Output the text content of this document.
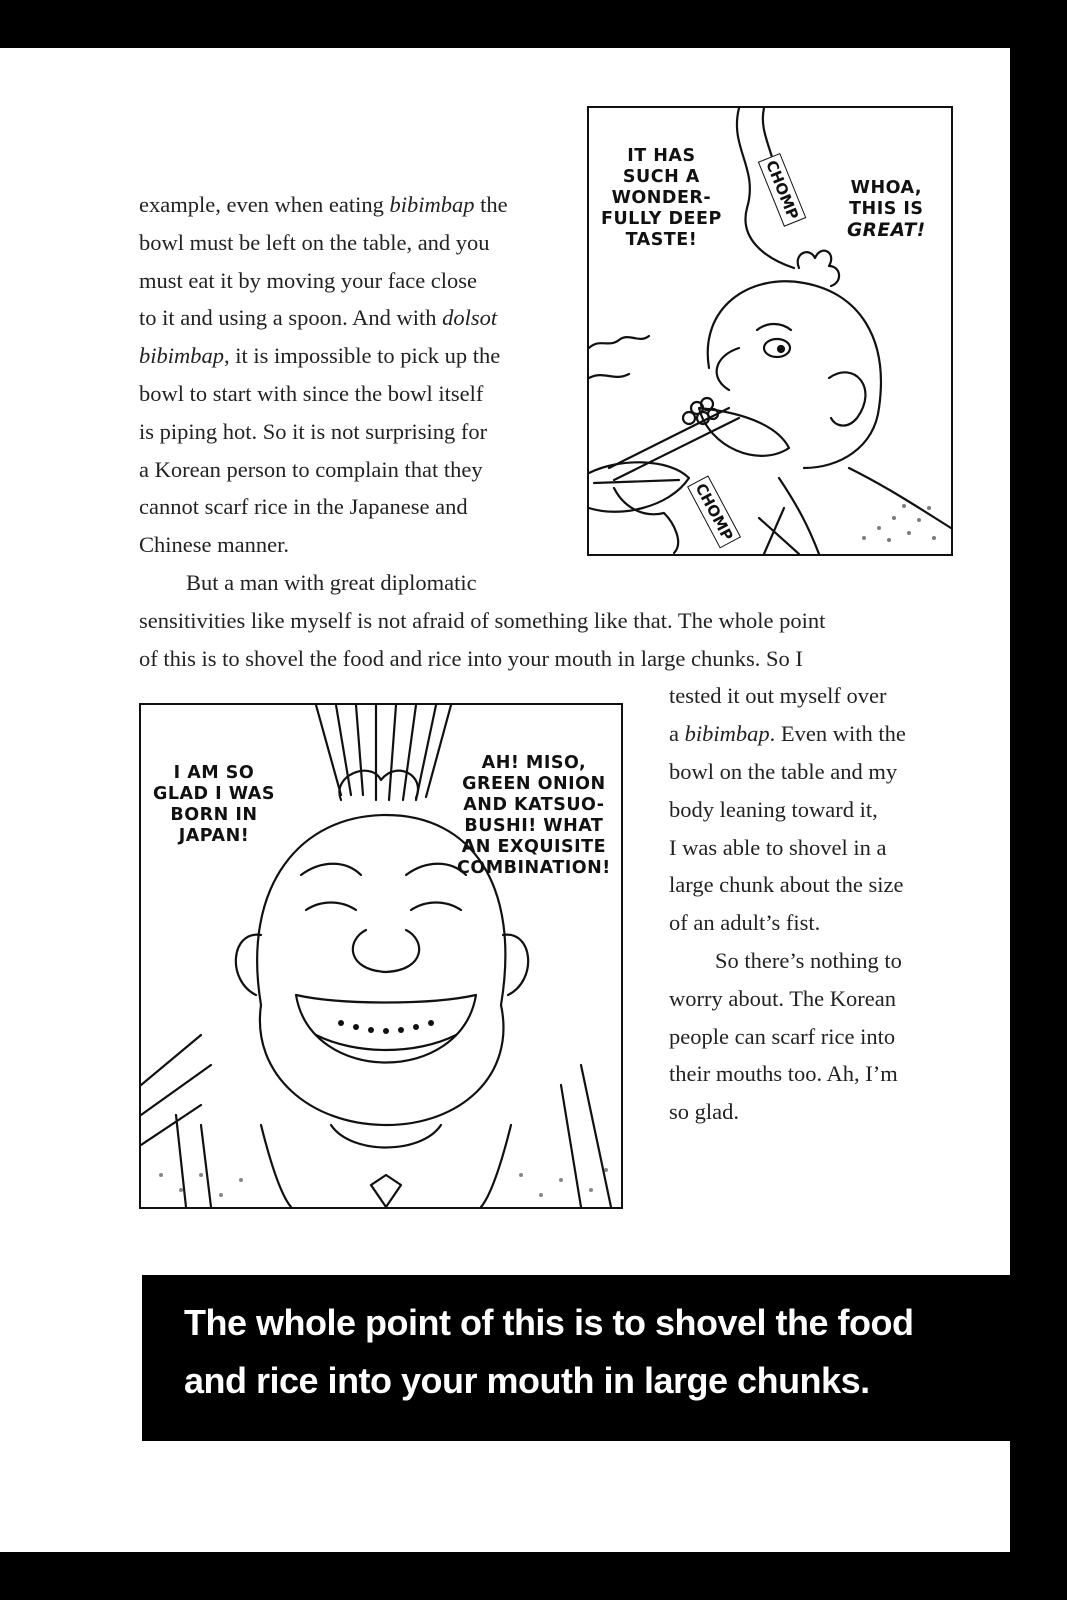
example, even when eating bibimbap the
bowl must be left on the table, and you
must eat it by moving your face close
to it and using a spoon. And with dolsot
bibimbap, it is impossible to pick up the
bowl to start with since the bowl itself
is piping hot. So it is not surprising for
a Korean person to complain that they
cannot scarf rice in the Japanese and
Chinese manner.
But a man with great diplomatic
sensitivities like myself is not afraid of something like that. The whole point
of this is to shovel the food and rice into your mouth in large chunks. So I
tested it out myself over
a bibimbap. Even with the
bowl on the table and my
body leaning toward it,
I was able to shovel in a
large chunk about the size
of an adult’s fist.
So there’s nothing to
worry about. The Korean
people can scarf rice into
their mouths too. Ah, I’m
so glad.
IT HAS
SUCH A
WONDER-
FULLY DEEP
TASTE!
WHOA,
THIS IS
GREAT!
CHOMP
CHOMP
I AM SO
GLAD I WAS
BORN IN
JAPAN!
AH! MISO,
GREEN ONION
AND KATSUO-
BUSHI! WHAT
AN EXQUISITE
COMBINATION!
The whole point of this is to shovel the food
and rice into your mouth in large chunks.
